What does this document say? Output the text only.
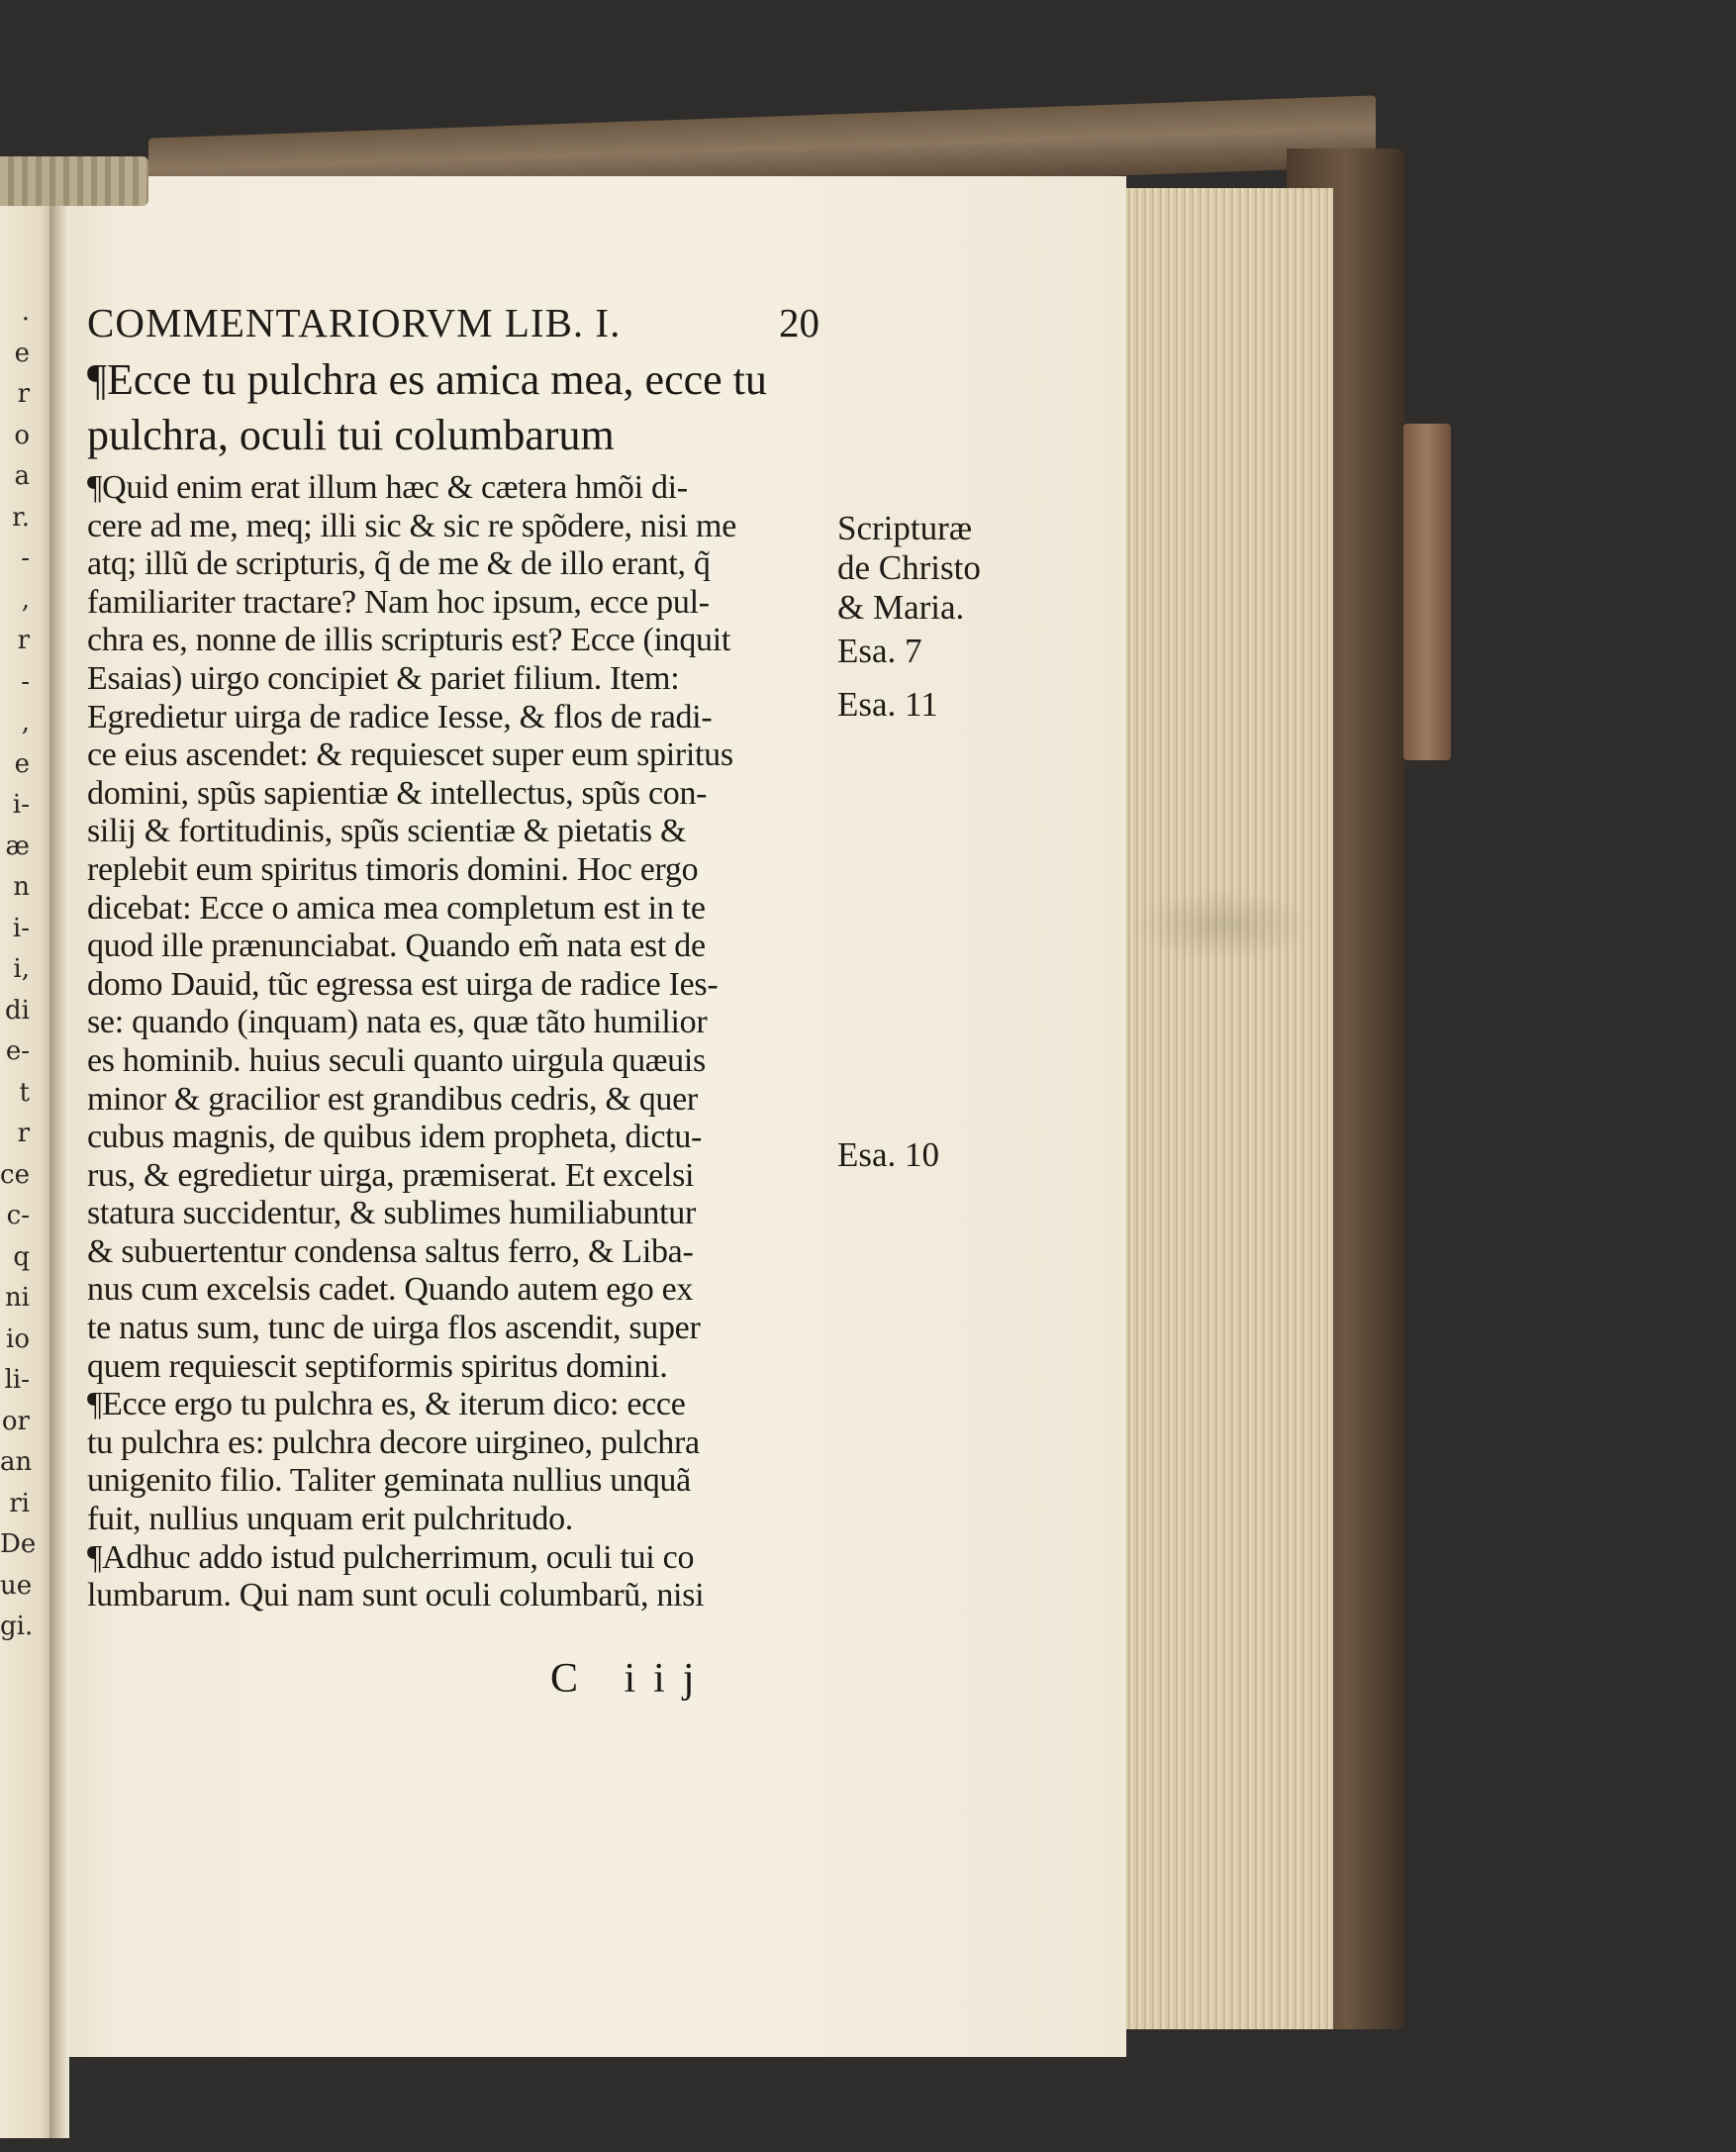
.
e
r
o
a
r.
-
,
r
-
,
e
i-
æ
n
i-
i,
di
e-
t
r
ce
c-
q
ni
io
li-
or
an
ri
De
ue
gi.
COMMENTARIORVM LIB. I.	20
¶Ecce tu pulchra es amica mea, ecce tu
pulchra, oculi tui columbarum
¶Quid enim erat illum hæc & cætera hmõi di-
cere ad me, meq; illi sic & sic re spõdere, nisi me
atq; illũ de scripturis, q̃ de me & de illo erant, q̃
familiariter tractare? Nam hoc ipsum, ecce pul-
chra es, nonne de illis scripturis est? Ecce (inquit
Esaias) uirgo concipiet & pariet filium. Item:
Egredietur uirga de radice Iesse, & flos de radi-
ce eius ascendet: & requiescet super eum spiritus
domini, spũs sapientiæ & intellectus, spũs con-
silij & fortitudinis, spũs scientiæ & pietatis &
replebit eum spiritus timoris domini. Hoc ergo
dicebat: Ecce o amica mea completum est in te
quod ille prænunciabat. Quando em̃ nata est de
domo Dauid, tũc egressa est uirga de radice Ies-
se: quando (inquam) nata es, quæ tãto humilior
es hominib. huius seculi quanto uirgula quæuis
minor & gracilior est grandibus cedris, & quer
cubus magnis, de quibus idem propheta, dictu-
rus, & egredietur uirga, præmiserat. Et excelsi
statura succidentur, & sublimes humiliabuntur
& subuertentur condensa saltus ferro, & Liba-
nus cum excelsis cadet. Quando autem ego ex
te natus sum, tunc de uirga flos ascendit, super
quem requiescit septiformis spiritus domini.
¶Ecce ergo tu pulchra es, & iterum dico: ecce
tu pulchra es: pulchra decore uirgineo, pulchra
unigenito filio. Taliter geminata nullius unquã
fuit, nullius unquam erit pulchritudo.
¶Adhuc addo istud pulcherrimum, oculi tui co
lumbarum. Qui nam sunt oculi columbarũ, nisi
Scripturæ
de Christo
& Maria.
Esa. 7
Esa. 11
Esa. 10
C iij
